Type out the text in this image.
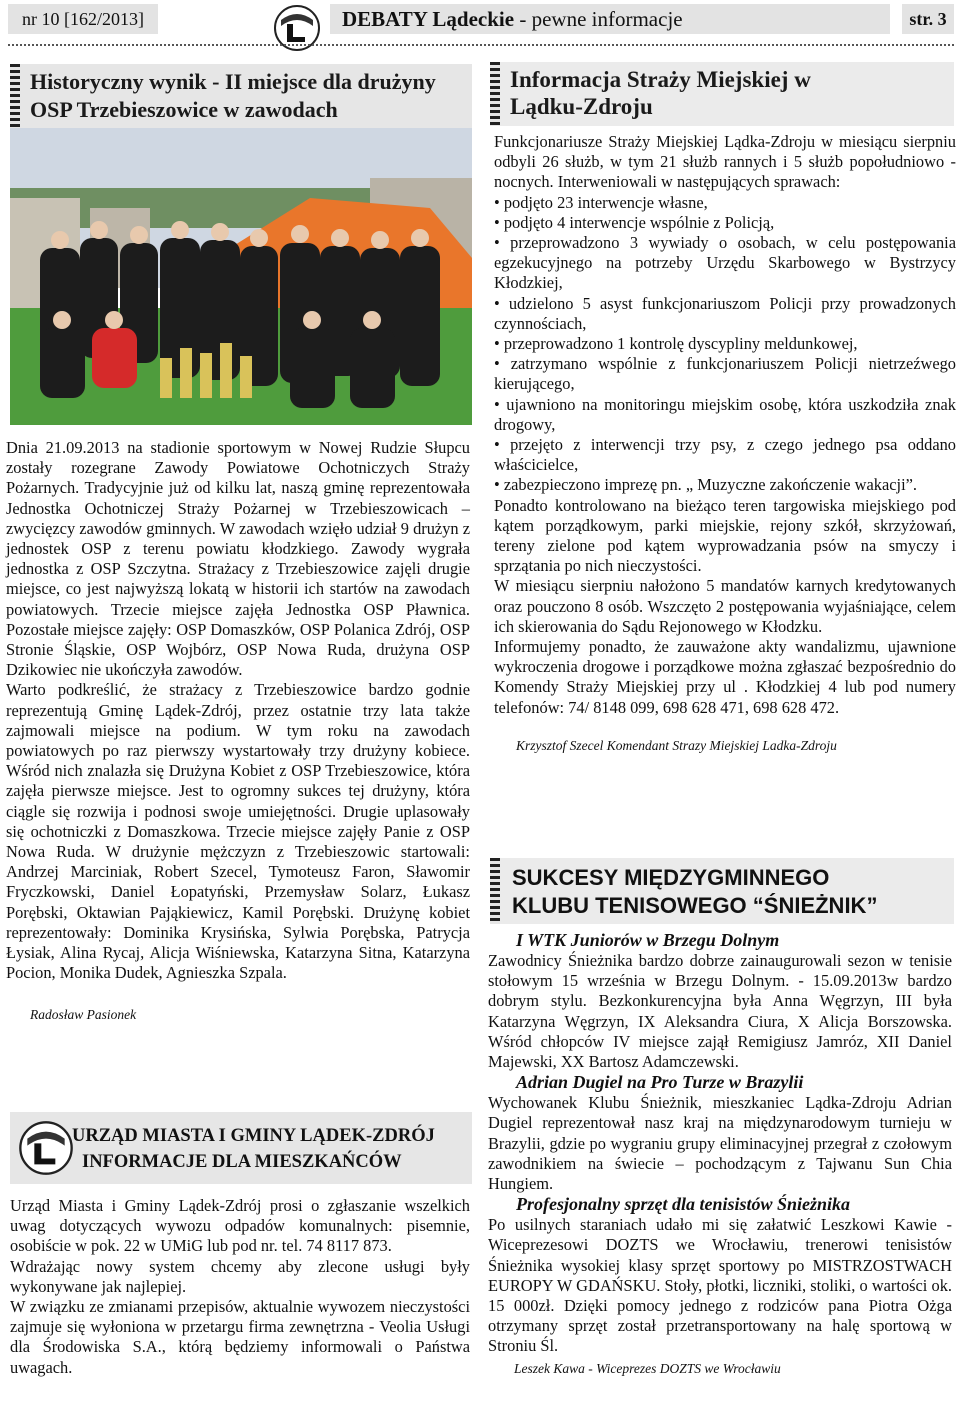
nr 10 [162/2013]	DEBATY Lądeckie - pewne informacje	str. 3
Historyczny wynik - II miejsce dla drużyny OSP Trzebieszowice w zawodach

Dnia 21.09.2013 na stadionie sportowym w Nowej Rudzie Słupcu zostały rozegrane Zawody Powiatowe Ochotniczych Straży Pożarnych. Tradycyjnie już od kilku lat, naszą gminę reprezentowała Jednostka Ochotniczej Straży Pożarnej w Trzebieszowicach – zwycięzcy zawodów gminnych. W zawodach wzięło udział 9 drużyn z jednostek OSP z terenu powiatu kłodzkiego. Zawody wygrała jednostka z OSP Szczytna. Strażacy z Trzebieszowice zajęli drugie miejsce, co jest najwyższą lokatą w historii ich startów na zawodach powiatowych. Trzecie miejsce zajęła Jednostka OSP Pławnica. Pozostałe miejsce zajęły: OSP Domaszków, OSP Polanica Zdrój, OSP Stronie Śląskie, OSP Wojbórz, OSP Nowa Ruda, drużyna OSP Dzikowiec nie ukończyła zawodów.

Warto podkreślić, że strażacy z Trzebieszowice bardzo godnie reprezentują Gminę Lądek-Zdrój, przez ostatnie trzy lata także zajmowali miejsce na podium. W tym roku na zawodach powiatowych po raz pierwszy wystartowały trzy drużyny kobiece. Wśród nich znalazła się Drużyna Kobiet z OSP Trzebieszowice, która zajęła pierwsze miejsce. Jest to ogromny sukces tej drużyny, która ciągle się rozwija i podnosi swoje umiejętności. Drugie uplasowały się ochotniczki z Domaszkowa. Trzecie miejsce zajęły Panie z OSP Nowa Ruda. W drużynie mężczyzn z Trzebieszowic startowali: Andrzej Marciniak, Robert Szecel, Tymoteusz Faron, Sławomir Fryczkowski, Daniel Łopatyński, Przemysław Solarz, Łukasz Porębski, Oktawian Pająkiewicz, Kamil Porębski. Drużynę kobiet reprezentowały: Dominika Krysińska, Sylwia Porębska, Patrycja Łysiak, Alina Rycaj, Alicja Wiśniewska, Katarzyna Sitna, Katarzyna Pocion, Monika Dudek, Agnieszka Szpala.

Radosław Pasionek

URZĄD MIASTA I GMINY LĄDEK-ZDRÓJ
INFORMACJE DLA MIESZKAŃCÓW

Urząd Miasta i Gminy Lądek-Zdrój prosi o zgłaszanie wszelkich uwag dotyczących wywozu odpadów komunalnych: pisemnie, osobiście w pok. 22 w UMiG lub pod nr. tel. 74 8117 873.

Wdrażając nowy system chcemy aby zlecone usługi były wykonywane jak najlepiej.

W związku ze zmianami przepisów, aktualnie wywozem nieczystości zajmuje się wyłoniona w przetargu firma zewnętrzna - Veolia Usługi dla Środowiska S.A., którą będziemy informowali o Państwa uwagach.

Informacja Straży Miejskiej w Lądku-Zdroju

Funkcjonariusze Straży Miejskiej Lądka-Zdroju w miesiącu sierpniu odbyli 26 służb, w tym 21 służb rannych i 5 służb popołudniowo - nocnych. Interweniowali w następujących sprawach:

• podjęto 23 interwencje własne,

• podjęto 4 interwencje wspólnie z Policją,

• przeprowadzono 3 wywiady o osobach, w celu postępowania egzekucyjnego na potrzeby Urzędu Skarbowego w Bystrzycy Kłodzkiej,

• udzielono 5 asyst funkcjonariuszom Policji przy prowadzonych czynnościach,

• przeprowadzono 1 kontrolę dyscypliny meldunkowej,

• zatrzymano wspólnie z funkcjonariuszem Policji nietrzeźwego kierującego,

• ujawniono na monitoringu miejskim osobę, która uszkodziła znak drogowy,

• przejęto z interwencji trzy psy, z czego jednego psa oddano właścicielce,

• zabezpieczono imprezę pn. „ Muzyczne zakończenie wakacji”.

Ponadto kontrolowano na bieżąco teren targowiska miejskiego pod kątem porządkowym, parki miejskie, rejony szkół, skrzyżowań, tereny zielone pod kątem wyprowadzania psów na smyczy i sprzątania po nich nieczystości.

W miesiącu sierpniu nałożono 5 mandatów karnych kredytowanych oraz pouczono 8 osób. Wszczęto 2 postępowania wyjaśniające, celem ich skierowania do Sądu Rejonowego w Kłodzku.

Informujemy ponadto, że zauważone akty wandalizmu, ujawnione wykroczenia drogowe i porządkowe można zgłaszać bezpośrednio do Komendy Straży Miejskiej przy ul . Kłodzkiej 4 lub pod numery telefonów: 74/ 8148 099, 698 628 471, 698 628 472.

Krzysztof Szecel Komendant Strazy Miejskiej Ladka-Zdroju

SUKCESY MIĘDZYGMINNEGO
KLUBU TENISOWEGO “ŚNIEŻNIK”

I WTK Juniorów w Brzegu Dolnym

Zawodnicy Śnieżnika bardzo dobrze zainaugurowali sezon w tenisie stołowym 15 września w Brzegu Dolnym. - 15.09.2013w bardzo dobrym stylu. Bezkonkurencyjna była Anna Węgrzyn, III była Katarzyna Węgrzyn, IX Aleksandra Ciura, X Alicja Borszowska. Wśród chłopców IV miejsce zajął Remigiusz Jamróz, XII Daniel Majewski, XX Bartosz Adamczewski.

Adrian Dugiel na Pro Turze w Brazylii

Wychowanek Klubu Śnieżnik, mieszkaniec Lądka-Zdroju Adrian Dugiel reprezentował nasz kraj na międzynarodowym turnieju w Brazylii, gdzie po wygraniu grupy eliminacyjnej przegrał z czołowym zawodnikiem na świecie – pochodzącym z Tajwanu Sun Chia Hungiem.

Profesjonalny sprzęt dla tenisistów Śnieżnika

Po usilnych staraniach udało mi się załatwić Leszkowi Kawie - Wiceprezesowi DOZTS we Wrocławiu, trenerowi tenisistów Śnieżnika wysokiej klasy sprzęt sportowy po MISTRZOSTWACH EUROPY W GDAŃSKU. Stoły, płotki, liczniki, stoliki, o wartości ok. 15 000zł. Dzięki pomocy jednego z rodziców pana Piotra Ożga otrzymany sprzęt został przetransportowany na halę sportową w Stroniu Śl.

Leszek Kawa - Wiceprezes DOZTS we Wrocławiu
